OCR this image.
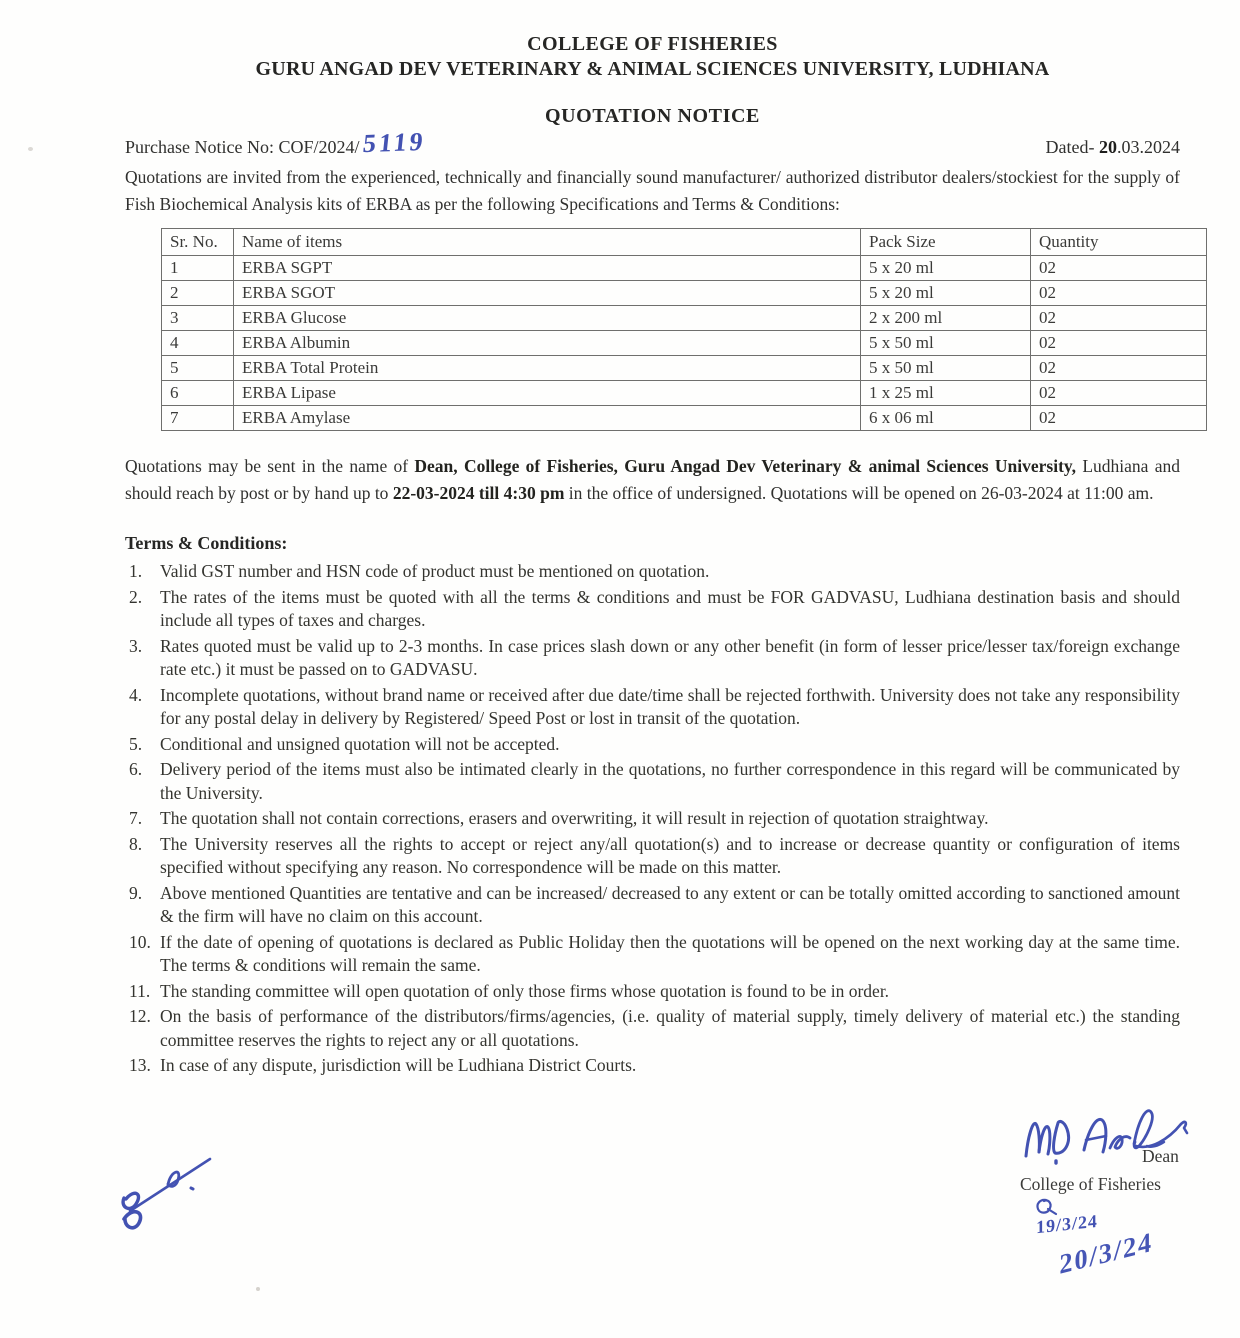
COLLEGE OF FISHERIES
GURU ANGAD DEV VETERINARY & ANIMAL SCIENCES UNIVERSITY, LUDHIANA
QUOTATION NOTICE
Purchase Notice No: COF/2024/5119	Dated- 20.03.2024

Quotations are invited from the experienced, technically and financially sound manufacturer/ authorized distributor dealers/stockiest for the supply of Fish Biochemical Analysis kits of ERBA as per the following Specifications and Terms & Conditions:

Sr. No.	Name of items	Pack Size	Quantity
1	ERBA SGPT	5 x 20 ml	02
2	ERBA SGOT	5 x 20 ml	02
3	ERBA Glucose	2 x 200 ml	02
4	ERBA Albumin	5 x 50 ml	02
5	ERBA Total Protein	5 x 50 ml	02
6	ERBA Lipase	1 x 25 ml	02
7	ERBA Amylase	6 x 06 ml	02

Quotations may be sent in the name of Dean, College of Fisheries, Guru Angad Dev Veterinary & animal Sciences University, Ludhiana and should reach by post or by hand up to 22-03-2024 till 4:30 pm in the office of undersigned. Quotations will be opened on 26-03-2024 at 11:00 am.

Terms & Conditions:
Valid GST number and HSN code of product must be mentioned on quotation.
The rates of the items must be quoted with all the terms & conditions and must be FOR GADVASU, Ludhiana destination basis and should include all types of taxes and charges.
Rates quoted must be valid up to 2-3 months. In case prices slash down or any other benefit (in form of lesser price/lesser tax/foreign exchange rate etc.) it must be passed on to GADVASU.
Incomplete quotations, without brand name or received after due date/time shall be rejected forthwith. University does not take any responsibility for any postal delay in delivery by Registered/ Speed Post or lost in transit of the quotation.
Conditional and unsigned quotation will not be accepted.
Delivery period of the items must also be intimated clearly in the quotations, no further correspondence in this regard will be communicated by the University.
The quotation shall not contain corrections, erasers and overwriting, it will result in rejection of quotation straightway.
The University reserves all the rights to accept or reject any/all quotation(s) and to increase or decrease quantity or configuration of items specified without specifying any reason. No correspondence will be made on this matter.
Above mentioned Quantities are tentative and can be increased/ decreased to any extent or can be totally omitted according to sanctioned amount & the firm will have no claim on this account.
If the date of opening of quotations is declared as Public Holiday then the quotations will be opened on the next working day at the same time. The terms & conditions will remain the same.
The standing committee will open quotation of only those firms whose quotation is found to be in order.
On the basis of performance of the distributors/firms/agencies, (i.e. quality of material supply, timely delivery of material etc.) the standing committee reserves the rights to reject any or all quotations.
In case of any dispute, jurisdiction will be Ludhiana District Courts.
Dean
College of Fisheries
19/3/24
20/3/24
